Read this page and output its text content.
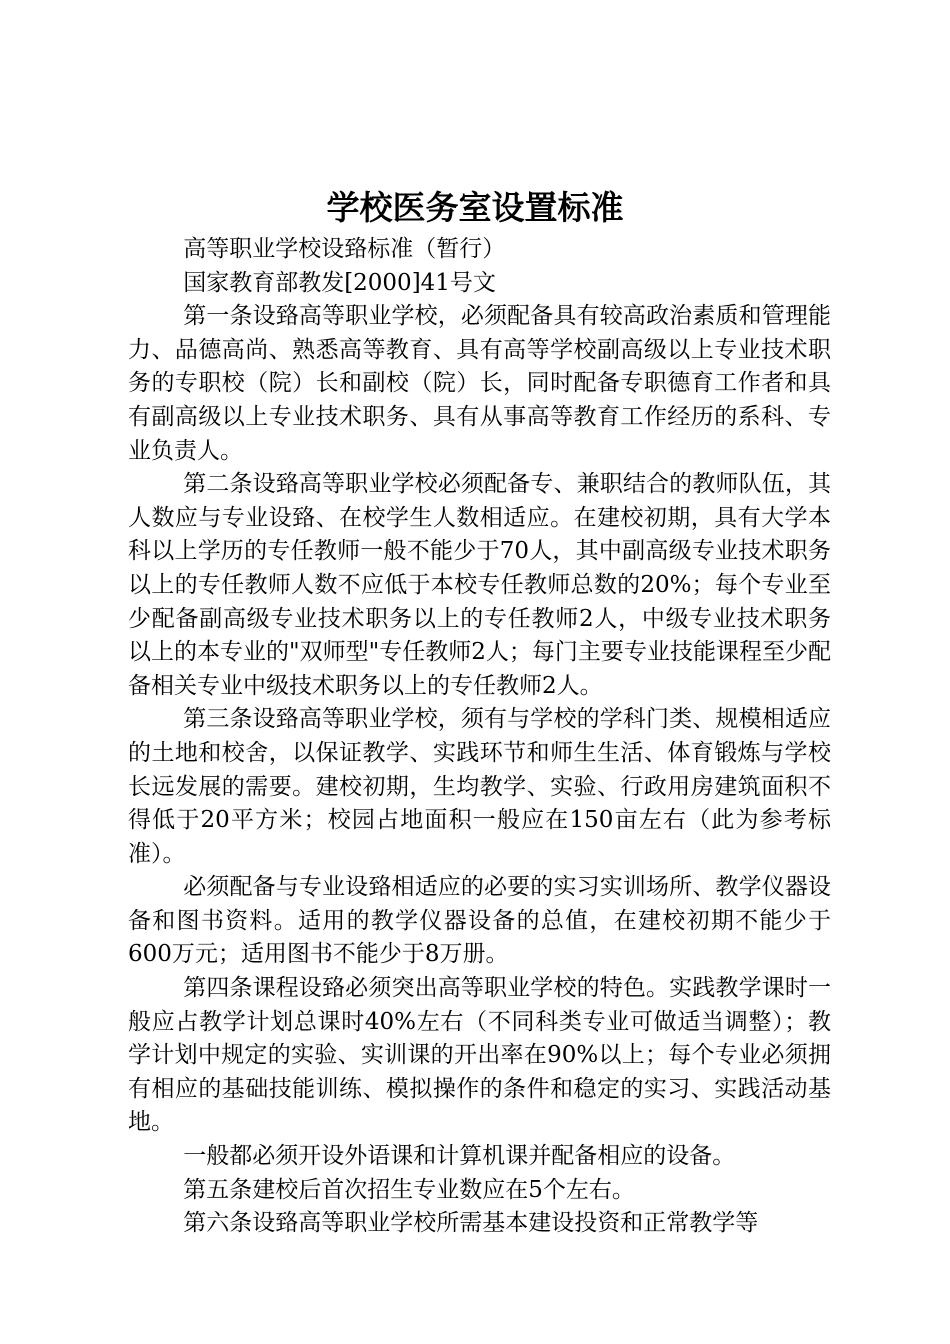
学校医务室设置标准

高等职业学校设臵标准（暂行）

国家教育部教发[2000]41号文

第一条设臵高等职业学校，必须配备具有较高政治素质和管理能力、品德高尚、熟悉高等教育、具有高等学校副高级以上专业技术职务的专职校（院）长和副校（院）长，同时配备专职德育工作者和具有副高级以上专业技术职务、具有从事高等教育工作经历的系科、专业负责人。

第二条设臵高等职业学校必须配备专、兼职结合的教师队伍，其人数应与专业设臵、在校学生人数相适应。在建校初期，具有大学本科以上学历的专任教师一般不能少于70人，其中副高级专业技术职务以上的专任教师人数不应低于本校专任教师总数的20%；每个专业至少配备副高级专业技术职务以上的专任教师2人，中级专业技术职务以上的本专业的"双师型"专任教师2人；每门主要专业技能课程至少配备相关专业中级技术职务以上的专任教师2人。

第三条设臵高等职业学校，须有与学校的学科门类、规模相适应的土地和校舍，以保证教学、实践环节和师生生活、体育锻炼与学校长远发展的需要。建校初期，生均教学、实验、行政用房建筑面积不得低于20平方米；校园占地面积一般应在150亩左右（此为参考标准）。

必须配备与专业设臵相适应的必要的实习实训场所、教学仪器设备和图书资料。适用的教学仪器设备的总值，在建校初期不能少于600万元；适用图书不能少于8万册。

第四条课程设臵必须突出高等职业学校的特色。实践教学课时一般应占教学计划总课时40%左右（不同科类专业可做适当调整）；教学计划中规定的实验、实训课的开出率在90%以上；每个专业必须拥有相应的基础技能训练、模拟操作的条件和稳定的实习、实践活动基地。

一般都必须开设外语课和计算机课并配备相应的设备。

第五条建校后首次招生专业数应在5个左右。

第六条设臵高等职业学校所需基本建设投资和正常教学等
